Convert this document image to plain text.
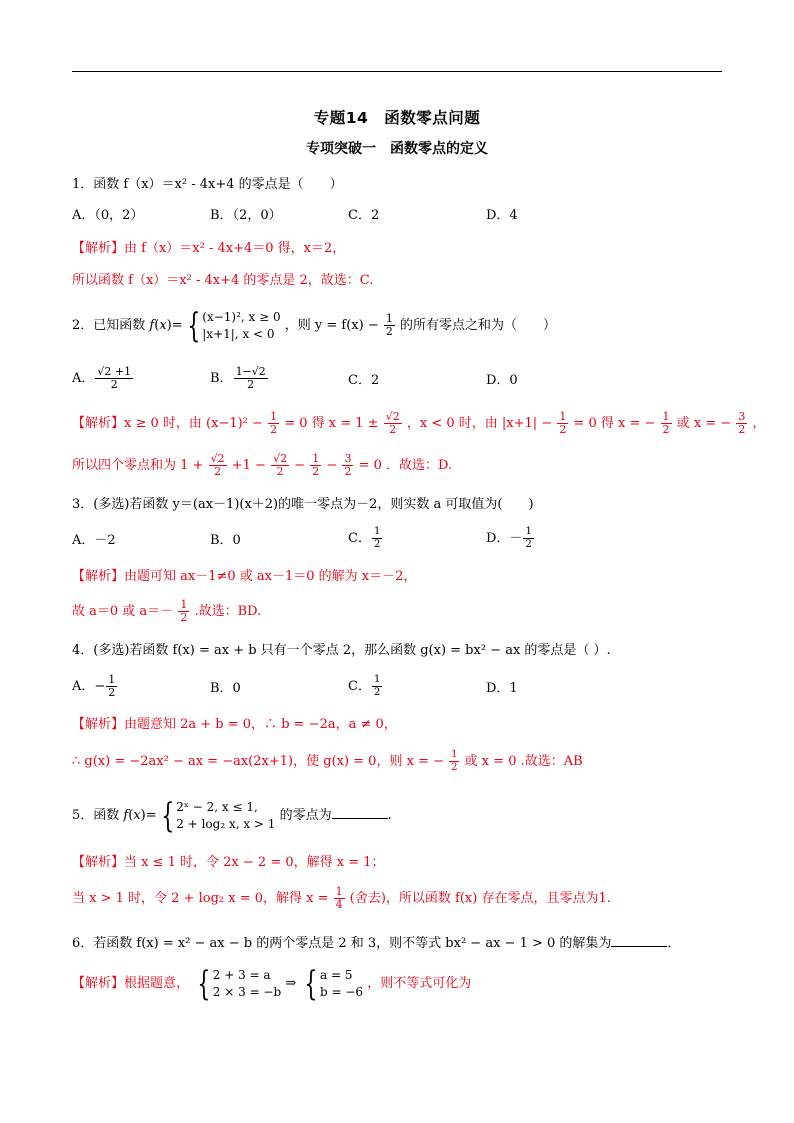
专题14　函数零点问题
专项突破一　函数零点的定义
1．函数 f（x）＝x² - 4x+4 的零点是（　　）
A．（0，2）	B．（2，0）	C．2	D．4
【解析】由 f（x）＝x² - 4x+4＝0 得，x＝2，
所以函数 f（x）＝x² - 4x+4 的零点是 2，故选：C.
2．已知函数 f(x)= { (x−1)², x ≥ 0
|x+1|, x < 0
，则 $y = f(x) - \frac{1}{2}$ 的所有零点之和为（　　）
A． $\frac{√2 +1}{2}$	B． $\frac{1-√2}{2}$	C．2	D．0
【解析】x ≥ 0 时，由 $(x-1)^2 - \frac{1}{2} = 0$ 得 $x = 1 \pm \frac{√2}{2}$ ，x < 0 时，由 $|x+1| - \frac{1}{2} = 0$ 得 x = − $\frac{1}{2}$ 或 x = − $\frac{3}{2}$ ，
所以四个零点和为 $1 + \frac{√2}{2} +1 - \frac{√2}{2} - \frac{1}{2} - \frac{3}{2} = 0$ ．故选：D.
3．(多选)若函数 y＝(ax－1)(x＋2)的唯一零点为－2，则实数 a 可取值为(　　)
A．－2	B．0	C． $\frac{1}{2}$	D．－ $\frac{1}{2}$
【解析】由题可知 ax－1≠0 或 ax－1＝0 的解为 x＝－2，
故 a＝0 或 $a=- \frac{1}{2}$ .故选：BD.
4．(多选)若函数 f(x) = ax + b 只有一个零点 2，那么函数 g(x) = bx² − ax 的零点是（ ）.
A．− $\frac{1}{2}$	B．0	C． $\frac{1}{2}$	D．1
【解析】由题意知 2a + b = 0，∴ b = −2a，a ≠ 0，
∴ g(x) = −2ax² − ax = −ax(2x+1)，使 g(x) = 0，则 x = − $\frac{1}{2}$ 或 x = 0 .故选：AB
5．函数 f(x)= { 2ˣ − 2, x ≤ 1,
2 + log₂ x, x > 1
的零点为	.
【解析】当 x ≤ 1 时，令 2x − 2 = 0，解得 x = 1；
当 x > 1 时，令 2 + log₂ x = 0，解得 $x = \frac{1}{4}$ (舍去)，所以函数 f(x) 存在零点，且零点为1.
6．若函数 f(x) = x² − ax − b 的两个零点是 2 和 3，则不等式 bx² − ax − 1 > 0 的解集为	．
【解析】根据题意， { 2 + 3 = a
2 × 3 = −b
⇒ { a = 5
b = −6
，则不等式可化为
